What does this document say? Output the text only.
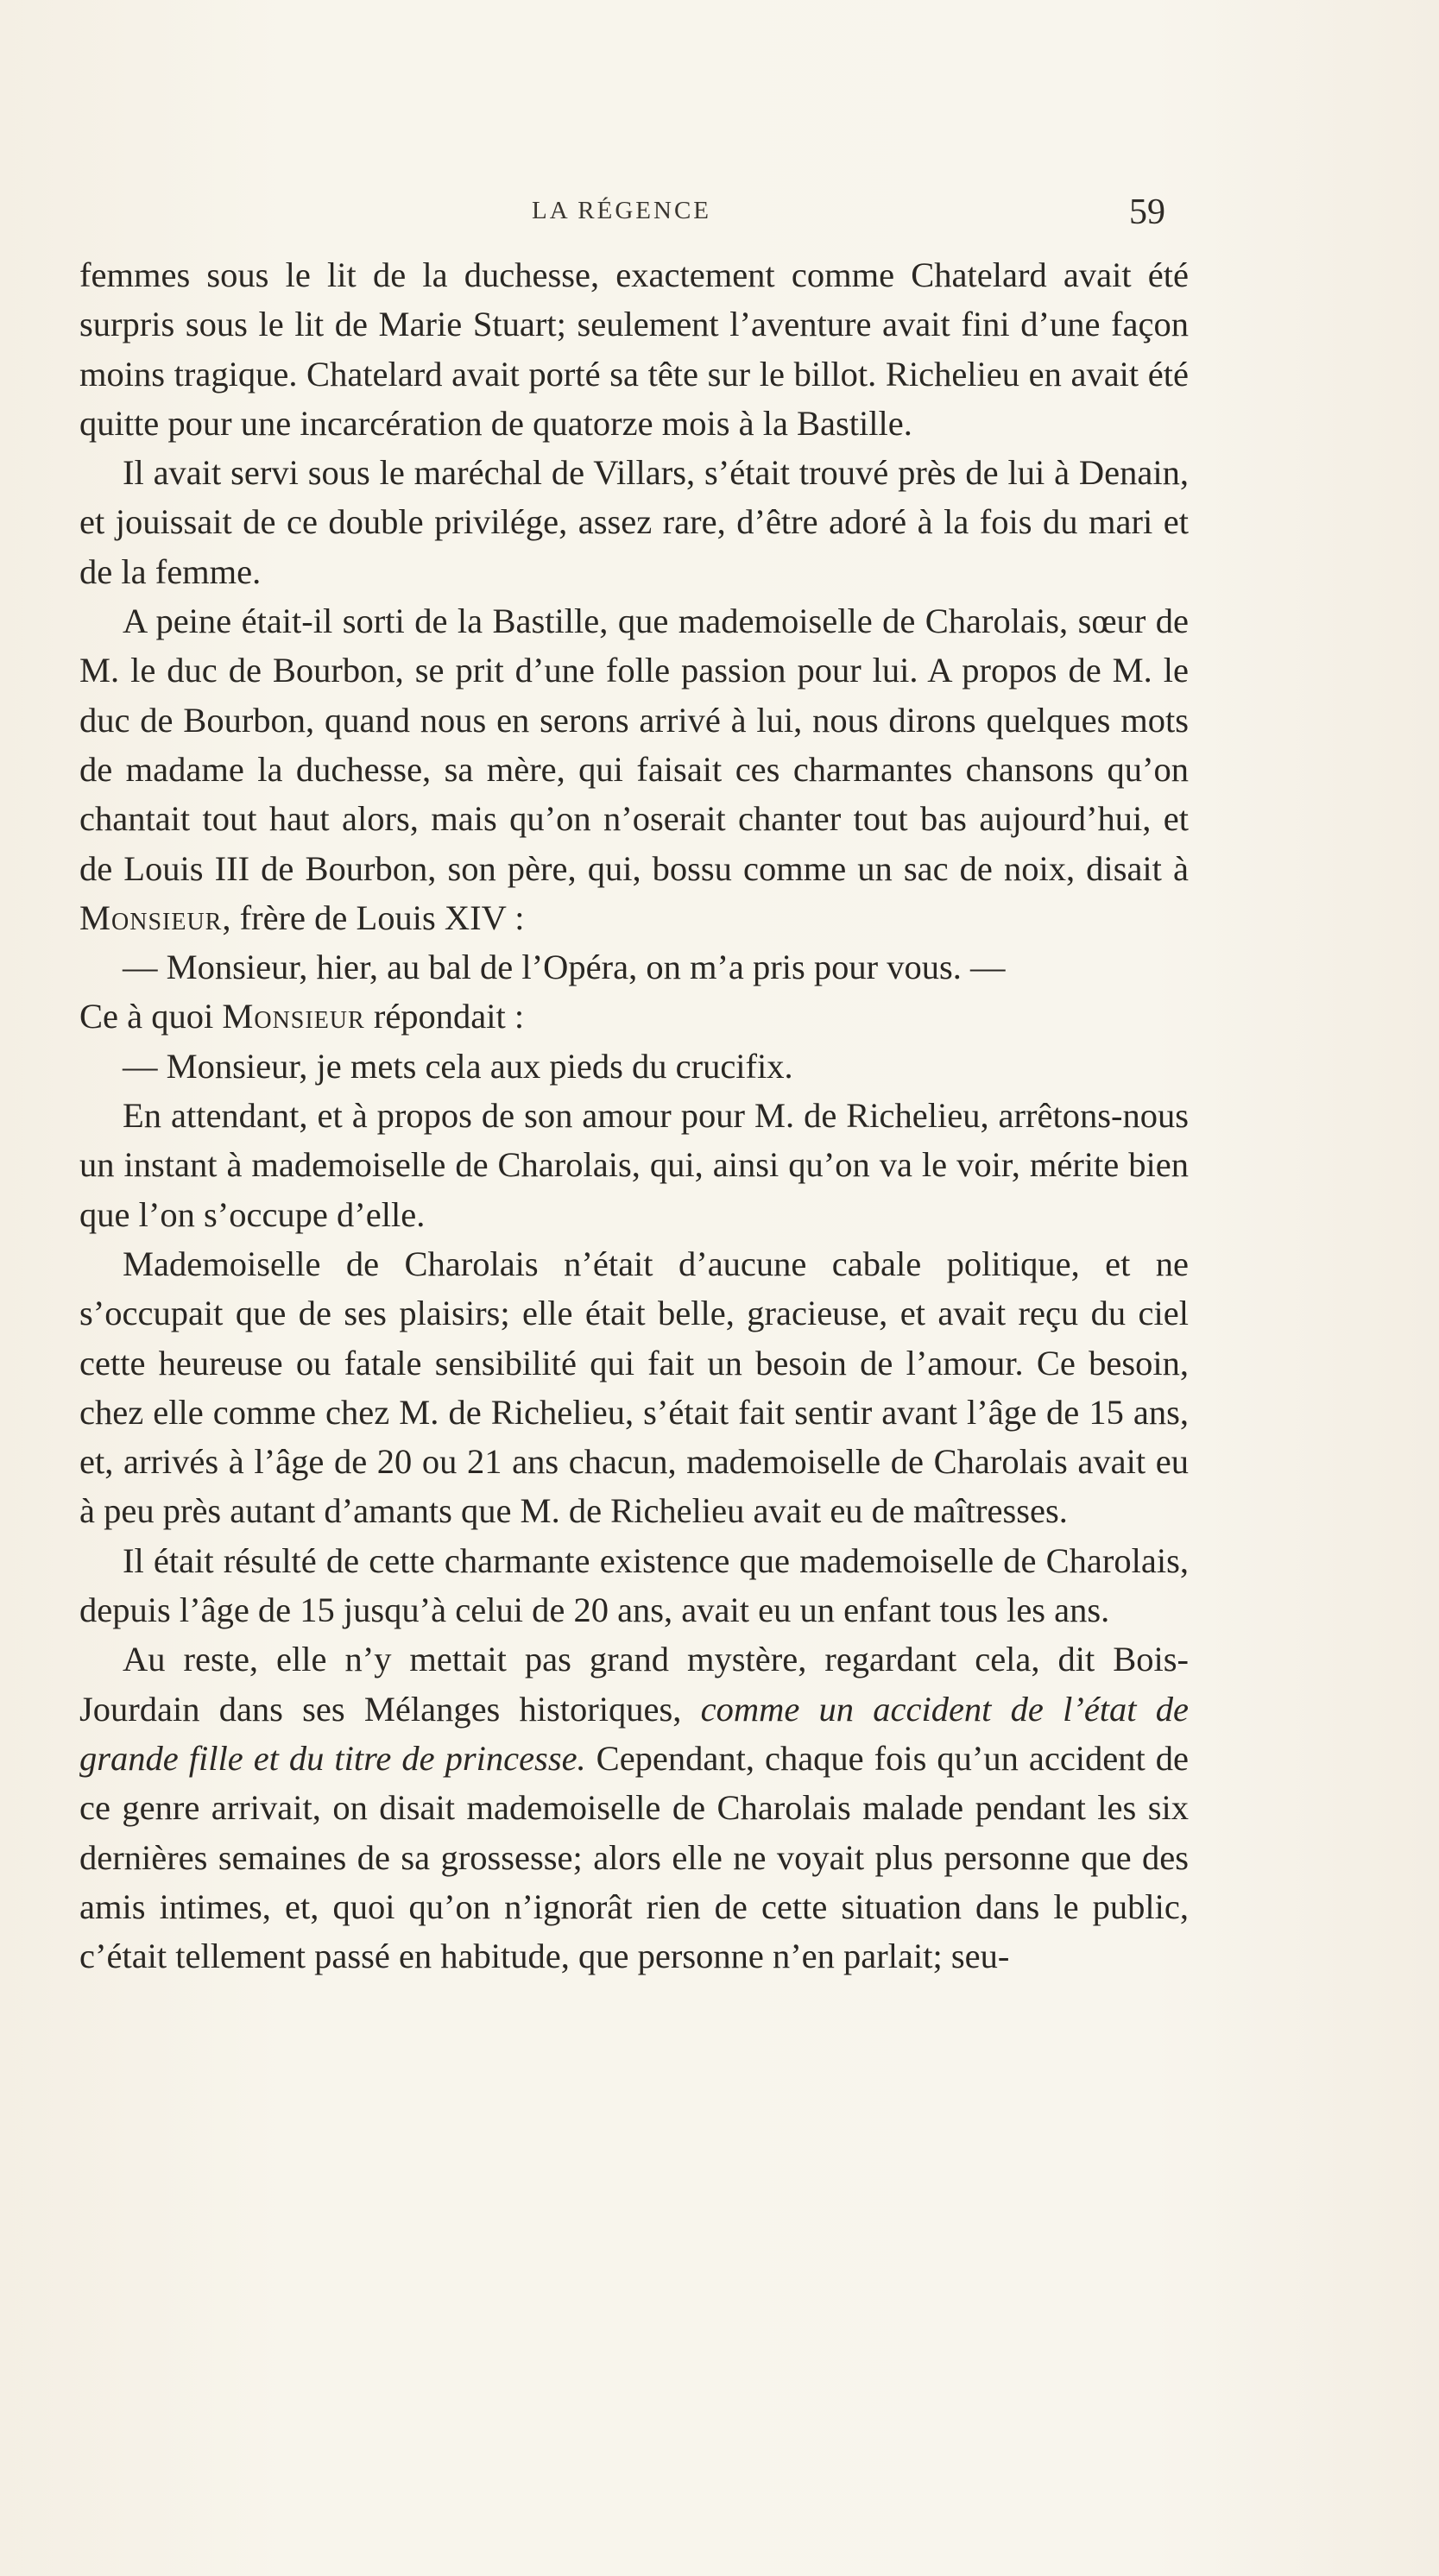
LA RÉGENCE	59

femmes sous le lit de la duchesse, exactement comme Chatelard avait été surpris sous le lit de Marie Stuart; seulement l’aventure avait fini d’une façon moins tragique. Chatelard avait porté sa tête sur le billot. Richelieu en avait été quitte pour une incarcération de quatorze mois à la Bastille.

Il avait servi sous le maréchal de Villars, s’était trouvé près de lui à Denain, et jouissait de ce double privilége, assez rare, d’être adoré à la fois du mari et de la femme.

A peine était-il sorti de la Bastille, que mademoiselle de Charolais, sœur de M. le duc de Bourbon, se prit d’une folle passion pour lui. A propos de M. le duc de Bourbon, quand nous en serons arrivé à lui, nous dirons quelques mots de madame la duchesse, sa mère, qui faisait ces charmantes chansons qu’on chantait tout haut alors, mais qu’on n’oserait chanter tout bas aujourd’hui, et de Louis III de Bourbon, son père, qui, bossu comme un sac de noix, disait à Monsieur, frère de Louis XIV :

— Monsieur, hier, au bal de l’Opéra, on m’a pris pour vous. —

Ce à quoi Monsieur répondait :

— Monsieur, je mets cela aux pieds du crucifix.

En attendant, et à propos de son amour pour M. de Richelieu, arrêtons-nous un instant à mademoiselle de Charolais, qui, ainsi qu’on va le voir, mérite bien que l’on s’occupe d’elle.

Mademoiselle de Charolais n’était d’aucune cabale politique, et ne s’occupait que de ses plaisirs; elle était belle, gracieuse, et avait reçu du ciel cette heureuse ou fatale sensibilité qui fait un besoin de l’amour. Ce besoin, chez elle comme chez M. de Richelieu, s’était fait sentir avant l’âge de 15 ans, et, arrivés à l’âge de 20 ou 21 ans chacun, mademoiselle de Charolais avait eu à peu près autant d’amants que M. de Richelieu avait eu de maîtresses.

Il était résulté de cette charmante existence que mademoiselle de Charolais, depuis l’âge de 15 jusqu’à celui de 20 ans, avait eu un enfant tous les ans.

Au reste, elle n’y mettait pas grand mystère, regardant cela, dit Bois-Jourdain dans ses Mélanges historiques, comme un accident de l’état de grande fille et du titre de princesse. Cependant, chaque fois qu’un accident de ce genre arrivait, on disait mademoiselle de Charolais malade pendant les six dernières semaines de sa grossesse; alors elle ne voyait plus personne que des amis intimes, et, quoi qu’on n’ignorât rien de cette situation dans le public, c’était tellement passé en habitude, que personne n’en parlait; seu-
